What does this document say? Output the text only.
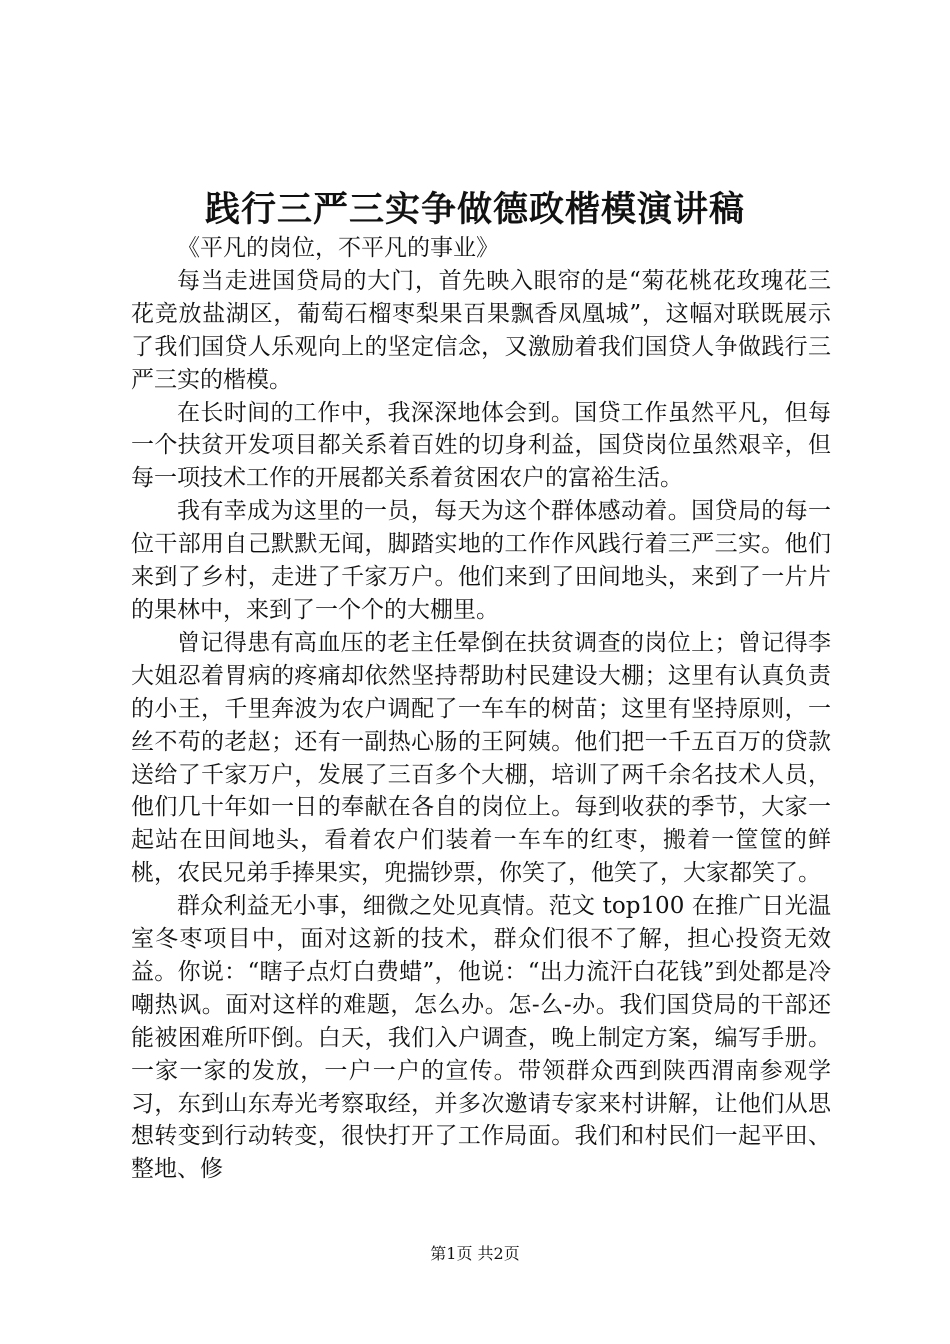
践行三严三实争做德政楷模演讲稿

《平凡的岗位，不平凡的事业》

每当走进国贷局的大门，首先映入眼帘的是“菊花桃花玫瑰花三花竞放盐湖区，葡萄石榴枣梨果百果飘香凤凰城”，这幅对联既展示了我们国贷人乐观向上的坚定信念，又激励着我们国贷人争做践行三严三实的楷模。

在长时间的工作中，我深深地体会到。国贷工作虽然平凡，但每一个扶贫开发项目都关系着百姓的切身利益，国贷岗位虽然艰辛，但每一项技术工作的开展都关系着贫困农户的富裕生活。

我有幸成为这里的一员，每天为这个群体感动着。国贷局的每一位干部用自己默默无闻，脚踏实地的工作作风践行着三严三实。他们来到了乡村，走进了千家万户。他们来到了田间地头，来到了一片片的果林中，来到了一个个的大棚里。

曾记得患有高血压的老主任晕倒在扶贫调查的岗位上；曾记得李大姐忍着胃病的疼痛却依然坚持帮助村民建设大棚；这里有认真负责的小王，千里奔波为农户调配了一车车的树苗；这里有坚持原则，一丝不苟的老赵；还有一副热心肠的王阿姨。他们把一千五百万的贷款送给了千家万户，发展了三百多个大棚，培训了两千余名技术人员，他们几十年如一日的奉献在各自的岗位上。每到收获的季节，大家一起站在田间地头，看着农户们装着一车车的红枣，搬着一筐筐的鲜桃，农民兄弟手捧果实，兜揣钞票，你笑了，他笑了，大家都笑了。

群众利益无小事，细微之处见真情。范文 top100 在推广日光温室冬枣项目中，面对这新的技术，群众们很不了解，担心投资无效益。你说：“瞎子点灯白费蜡”，他说：“出力流汗白花钱”到处都是冷嘲热讽。面对这样的难题，怎么办。怎-么-办。我们国贷局的干部还能被困难所吓倒。白天，我们入户调查，晚上制定方案，编写手册。一家一家的发放，一户一户的宣传。带领群众西到陕西渭南参观学习，东到山东寿光考察取经，并多次邀请专家来村讲解，让他们从思想转变到行动转变，很快打开了工作局面。我们和村民们一起平田、整地、修

第1页 共2页
